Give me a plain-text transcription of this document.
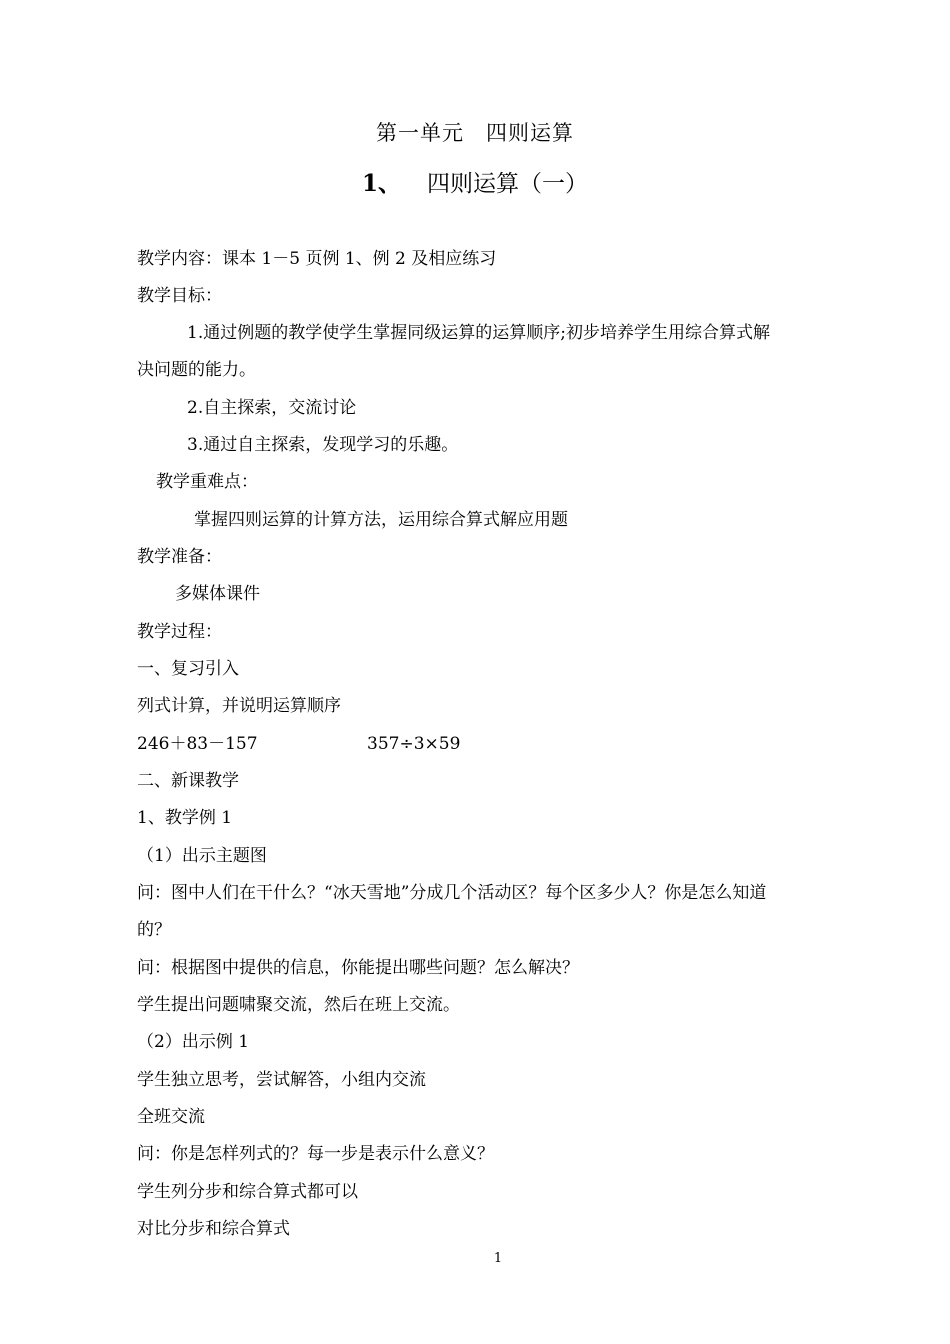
第一单元　四则运算
1、 四则运算（一）
教学内容：课本 1－5 页例 1、例 2 及相应练习
教学目标：
1.通过例题的教学使学生掌握同级运算的运算顺序;初步培养学生用综合算式解
决问题的能力。
2.自主探索，交流讨论
3.通过自主探索，发现学习的乐趣。
教学重难点：
掌握四则运算的计算方法，运用综合算式解应用题
教学准备：
多媒体课件
教学过程：
一、复习引入
列式计算，并说明运算顺序
246＋83－157	357÷3×59
二、新课教学
1、教学例 1
（1）出示主题图
问：图中人们在干什么？“冰天雪地”分成几个活动区？每个区多少人？你是怎么知道
的？
问：根据图中提供的信息，你能提出哪些问题？怎么解决？
学生提出问题啸聚交流，然后在班上交流。
（2）出示例 1
学生独立思考，尝试解答，小组内交流
全班交流
问：你是怎样列式的？每一步是表示什么意义？
学生列分步和综合算式都可以
对比分步和综合算式
1
